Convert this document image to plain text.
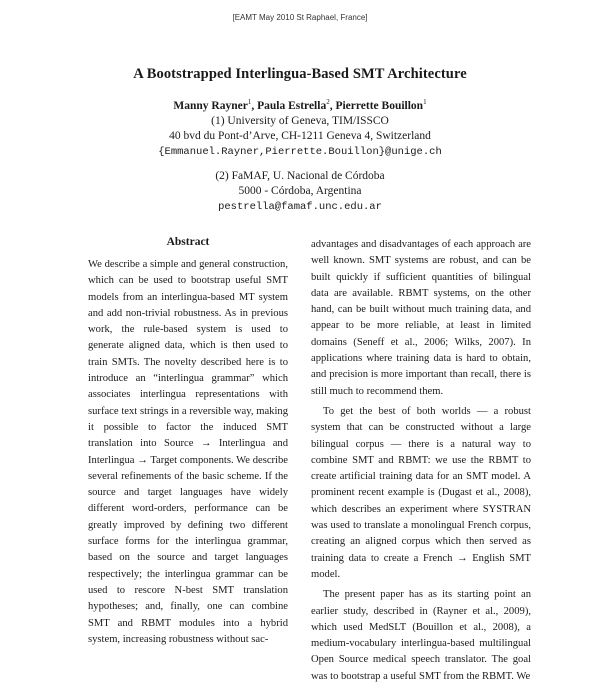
[EAMT May 2010 St Raphael, France]
A Bootstrapped Interlingua-Based SMT Architecture
Manny Rayner$^1$, Paula Estrella$^2$, Pierrette Bouillon$^1$
(1) University of Geneva, TIM/ISSCO
40 bvd du Pont-d’Arve, CH-1211 Geneva 4, Switzerland
{Emmanuel.Rayner,Pierrette.Bouillon}@unige.ch
(2) FaMAF, U. Nacional de Córdoba
5000 - Córdoba, Argentina
pestrella@famaf.unc.edu.ar
Abstract

We describe a simple and general construction, which can be used to bootstrap useful SMT models from an interlingua-based MT system and add non-trivial robustness. As in previous work, the rule-based system is used to generate aligned data, which is then used to train SMTs. The novelty described here is to introduce an “interlingua grammar” which associates interlingua representations with surface text strings in a reversible way, making it possible to factor the induced SMT translation into Source → Interlingua and Interlingua → Target components. We describe several refinements of the basic scheme. If the source and target languages have widely different word-orders, performance can be greatly improved by defining two different surface forms for the interlingua grammar, based on the source and target languages respectively; the interlingua grammar can be used to rescore N-best SMT translation hypotheses; and, finally, one can combine SMT and RBMT modules into a hybrid system, increasing robustness without sac-

advantages and disadvantages of each approach are well known. SMT systems are robust, and can be built quickly if sufficient quantities of bilingual data are available. RBMT systems, on the other hand, can be built without much training data, and appear to be more reliable, at least in limited domains (Seneff et al., 2006; Wilks, 2007). In applications where training data is hard to obtain, and precision is more important than recall, there is still much to recommend them.

To get the best of both worlds — a robust system that can be constructed without a large bilingual corpus — there is a natural way to combine SMT and RBMT: we use the RBMT to create artificial training data for an SMT model. A prominent recent example is (Dugast et al., 2008), which describes an experiment where SYSTRAN was used to translate a monolingual French corpus, creating an aligned corpus which then served as training data to create a French → English SMT model.

The present paper has as its starting point an earlier study, described in (Rayner et al., 2009), which used MedSLT (Bouillon et al., 2008), a medium-vocabulary interlingua-based multilingual Open Source medical speech translator. The goal was to bootstrap a useful SMT from the RBMT. We
